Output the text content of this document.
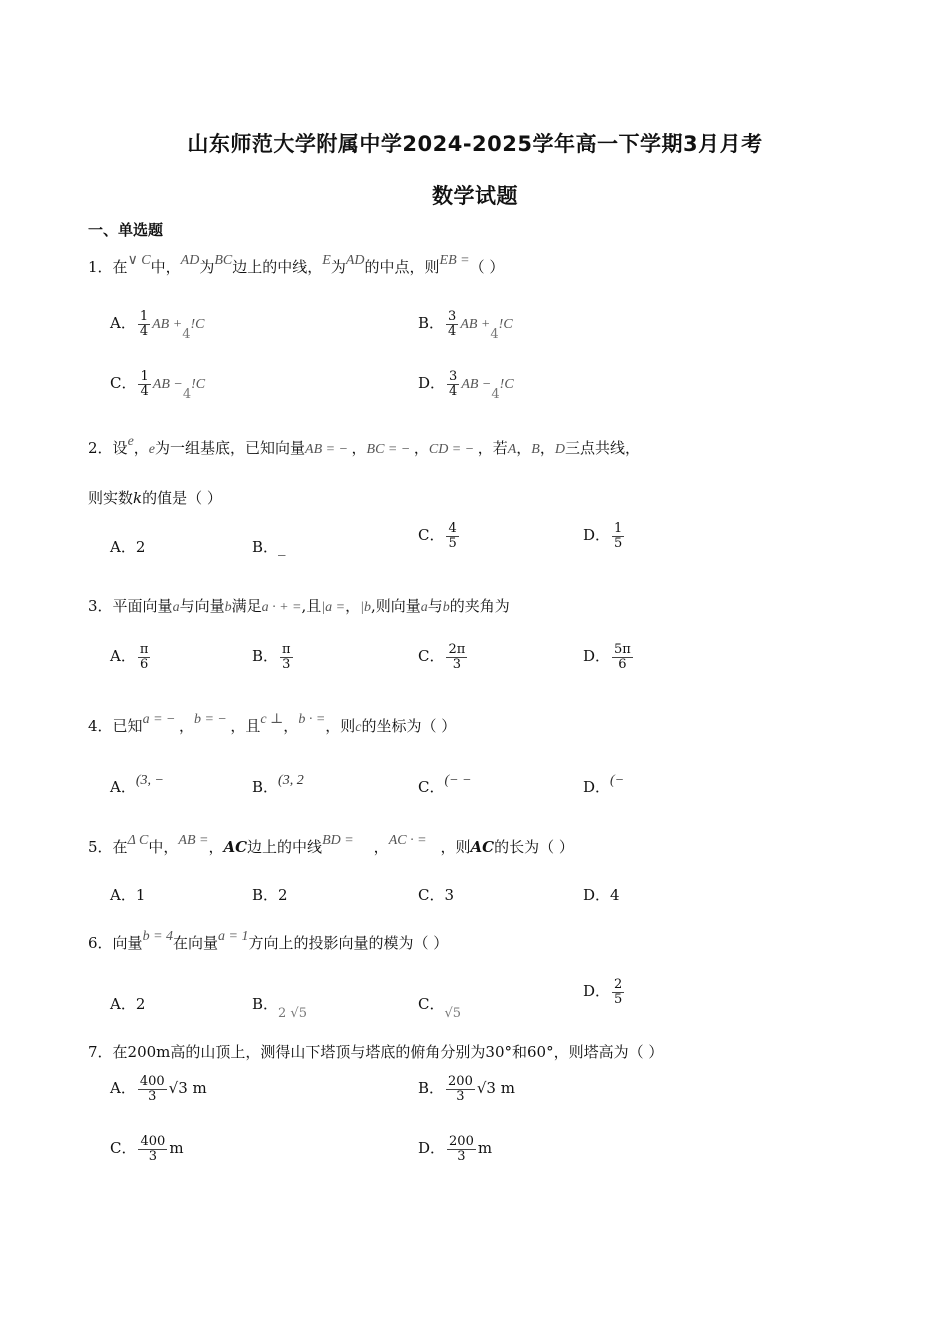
山东师范大学附属中学2024-2025学年高一下学期3月月考
数学试题
一、单选题
1．在∨ C中，AD为BC边上的中线，E为AD的中点，则EB =（ ）
A． $\frac{1}{4}$ AB +4!C	B． $\frac{3}{4}$ AB +4!C
C． $\frac{1}{4}$ AB −4!C	D． $\frac{3}{4}$ AB −4!C
2．设e，e为一组基底，已知向量AB = − ，BC = − ，CD = − ，若A，B，D三点共线，
则实数k的值是（ ）
A．2	B．_
C． $\frac{4}{5}$	D． $\frac{1}{5}$
3．平面向量a与向量b满足a · + =,且|a =，|b,则向量a与b的夹角为
A． $\frac{\pi}{6}$	B． $\frac{\pi}{3}$	C． $\frac{2\pi}{3}$	D． $\frac{5\pi}{6}$
4．已知a = − ，b = − ，且c ⊥，b · =，则c的坐标为（ ）
A．(3, −	B．(3, 2	C．(− −	D．(−
5．在Δ C中，AB =，AC边上的中线BD = ，AC · = ，则AC的长为（ ）
A．1	B．2	C．3	D．4
6．向量b = 4在向量a = 1方向上的投影向量的模为（ ）
A．2	B．2 √5
C．√5
D． $\frac{2}{5}$
7．在200m高的山顶上，测得山下塔顶与塔底的俯角分别为30°和60°，则塔高为（ ）
A． $\frac{400}{3} √3$ m	B． $\frac{200}{3} √3$ m
C． $\frac{400}{3}$ m	D． $\frac{200}{3}$ m
